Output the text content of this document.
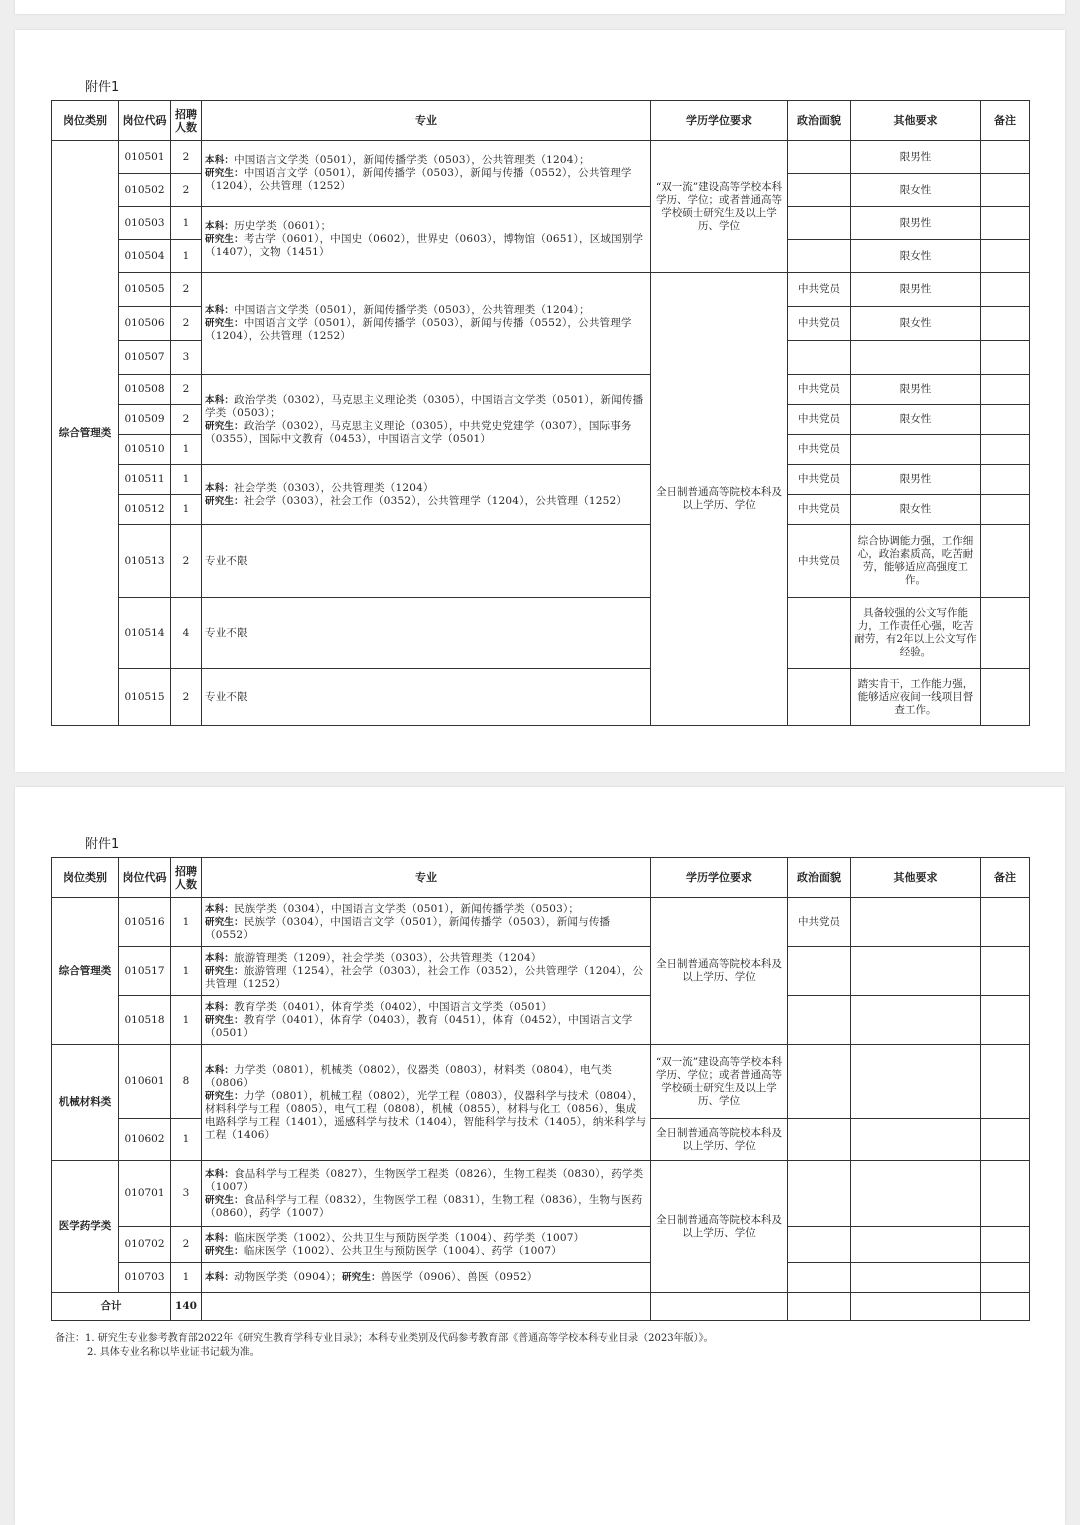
附件1
岗位类别	岗位代码	招聘人数	专业	学历学位要求	政治面貌	其他要求	备注
综合管理类	010501	2	本科：中国语言文学类（0501），新闻传播学类（0503），公共管理类（1204）；
研究生：中国语言文学（0501），新闻传播学（0503），新闻与传播（0552），公共管理学（1204），公共管理（1252）	“双一流”建设高等学校本科学历、学位；或者普通高等学校硕士研究生及以上学历、学位		限男性	
	010502	2				限女性	
	010503	1	本科：历史学类（0601）；
研究生：考古学（0601），中国史（0602），世界史（0603），博物馆（0651），区域国别学（1407），文物（1451）			限男性	
	010504	1				限女性	
	010505	2	本科：中国语言文学类（0501），新闻传播学类（0503），公共管理类（1204）；
研究生：中国语言文学（0501），新闻传播学（0503），新闻与传播（0552），公共管理学（1204），公共管理（1252）	全日制普通高等院校本科及以上学历、学位	中共党员	限男性	
	010506	2			中共党员	限女性	
	010507	3					
	010508	2	本科：政治学类（0302），马克思主义理论类（0305），中国语言文学类（0501），新闻传播学类（0503）；
研究生：政治学（0302），马克思主义理论（0305），中共党史党建学（0307），国际事务（0355），国际中文教育（0453），中国语言文学（0501）		中共党员	限男性	
	010509	2			中共党员	限女性	
	010510	1			中共党员		
	010511	1	本科：社会学类（0303），公共管理类（1204）
研究生：社会学（0303），社会工作（0352），公共管理学（1204），公共管理（1252）		中共党员	限男性	
	010512	1			中共党员	限女性	
	010513	2	专业不限		中共党员	综合协调能力强，工作细心，政治素质高，吃苦耐劳，能够适应高强度工作。	
	010514	4	专业不限			具备较强的公文写作能力，工作责任心强，吃苦耐劳，有2年以上公文写作经验。	
	010515	2	专业不限			踏实肯干，工作能力强，能够适应夜间一线项目督查工作。	
附件1
岗位类别	岗位代码	招聘人数	专业	学历学位要求	政治面貌	其他要求	备注
综合管理类	010516	1	本科：民族学类（0304），中国语言文学类（0501），新闻传播学类（0503）；
研究生：民族学（0304），中国语言文学（0501），新闻传播学（0503），新闻与传播（0552）	全日制普通高等院校本科及以上学历、学位	中共党员		
	010517	1	本科：旅游管理类（1209），社会学类（0303），公共管理类（1204）
研究生：旅游管理（1254），社会学（0303），社会工作（0352），公共管理学（1204），公共管理（1252）				
	010518	1	本科：教育学类（0401），体育学类（0402），中国语言文学类（0501）
研究生：教育学（0401），体育学（0403），教育（0451），体育（0452），中国语言文学（0501）				
机械材料类	010601	8	本科：力学类（0801），机械类（0802），仪器类（0803），材料类（0804），电气类（0806）
研究生：力学（0801），机械工程（0802），光学工程（0803），仪器科学与技术（0804），材料科学与工程（0805），电气工程（0808），机械（0855），材料与化工（0856），集成电路科学与工程（1401），遥感科学与技术（1404），智能科学与技术（1405），纳米科学与工程（1406）	“双一流”建设高等学校本科学历、学位；或者普通高等学校硕士研究生及以上学历、学位			
	010602	1		全日制普通高等院校本科及以上学历、学位			
医学药学类	010701	3	本科：食品科学与工程类（0827），生物医学工程类（0826），生物工程类（0830），药学类（1007）
研究生：食品科学与工程（0832），生物医学工程（0831），生物工程（0836），生物与医药（0860），药学（1007）	全日制普通高等院校本科及以上学历、学位			
	010702	2	本科：临床医学类（1002）、公共卫生与预防医学类（1004）、药学类（1007）
研究生：临床医学（1002）、公共卫生与预防医学（1004）、药学（1007）				
	010703	1	本科：动物医学类（0904）；研究生：兽医学（0906）、兽医（0952）				
合计		140					
备注：1. 研究生专业参考教育部2022年《研究生教育学科专业目录》；本科专业类别及代码参考教育部《普通高等学校本科专业目录（2023年版）》。
2. 具体专业名称以毕业证书记载为准。
